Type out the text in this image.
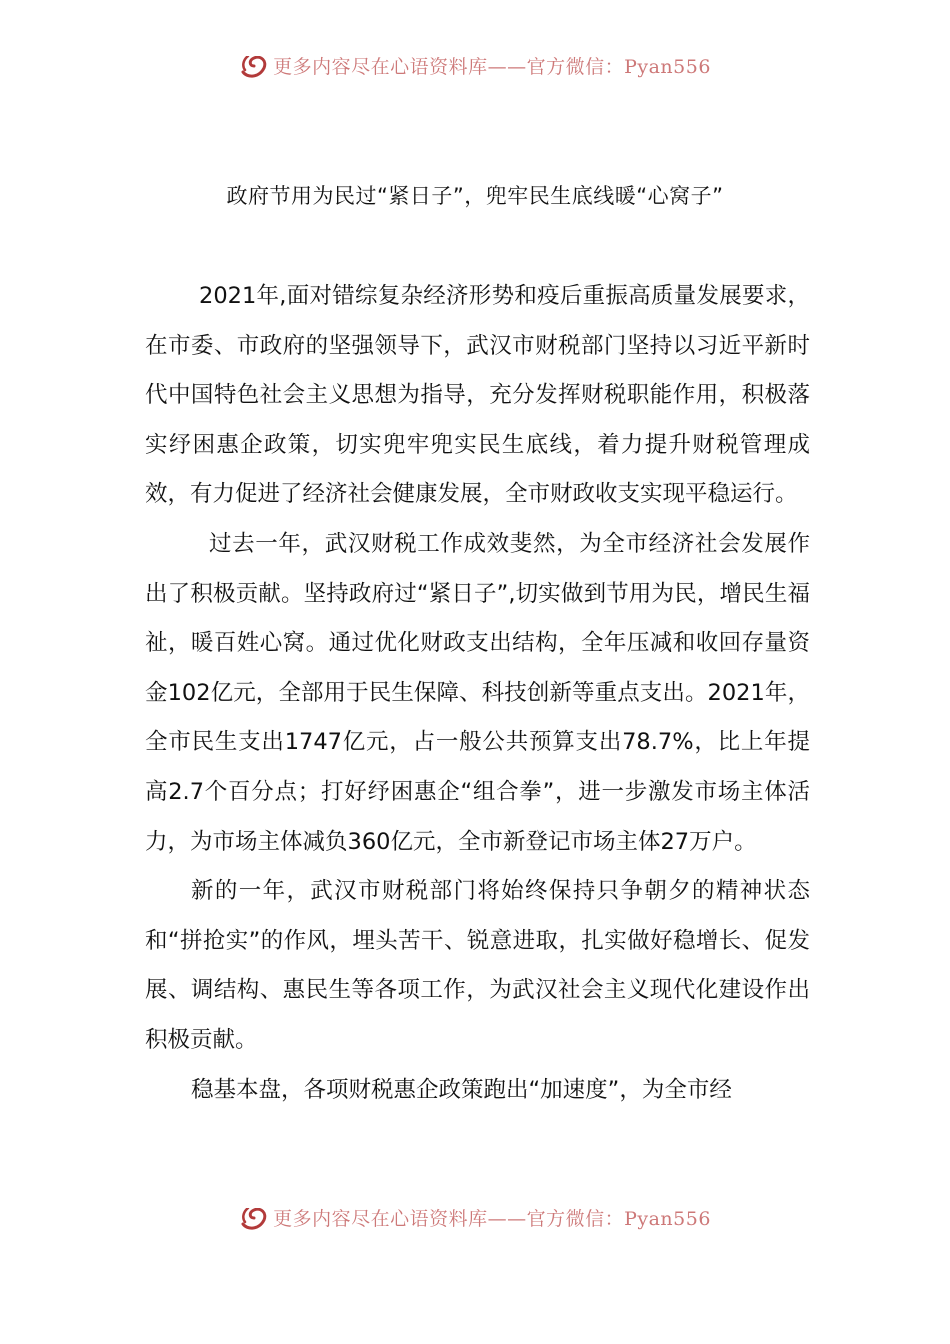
更多内容尽在心语资料库——官方微信：Pyan556
政府节用为民过“紧日子”，兜牢民生底线暖“心窝子”

2021年,面对错综复杂经济形势和疫后重振高质量发展要求，在市委、市政府的坚强领导下，武汉市财税部门坚持以习近平新时代中国特色社会主义思想为指导，充分发挥财税职能作用，积极落实纾困惠企政策，切实兜牢兜实民生底线，着力提升财税管理成效，有力促进了经济社会健康发展，全市财政收支实现平稳运行。

过去一年，武汉财税工作成效斐然，为全市经济社会发展作出了积极贡献。坚持政府过“紧日子”,切实做到节用为民，增民生福祉，暖百姓心窝。通过优化财政支出结构，全年压减和收回存量资金102亿元，全部用于民生保障、科技创新等重点支出。2021年，全市民生支出1747亿元，占一般公共预算支出78.7%，比上年提高2.7个百分点；打好纾困惠企“组合拳”，进一步激发市场主体活力，为市场主体减负360亿元，全市新登记市场主体27万户。

新的一年，武汉市财税部门将始终保持只争朝夕的精神状态和“拼抢实”的作风，埋头苦干、锐意进取，扎实做好稳增长、促发展、调结构、惠民生等各项工作，为武汉社会主义现代化建设作出积极贡献。

稳基本盘，各项财税惠企政策跑出“加速度”，为全市经

更多内容尽在心语资料库——官方微信：Pyan556
